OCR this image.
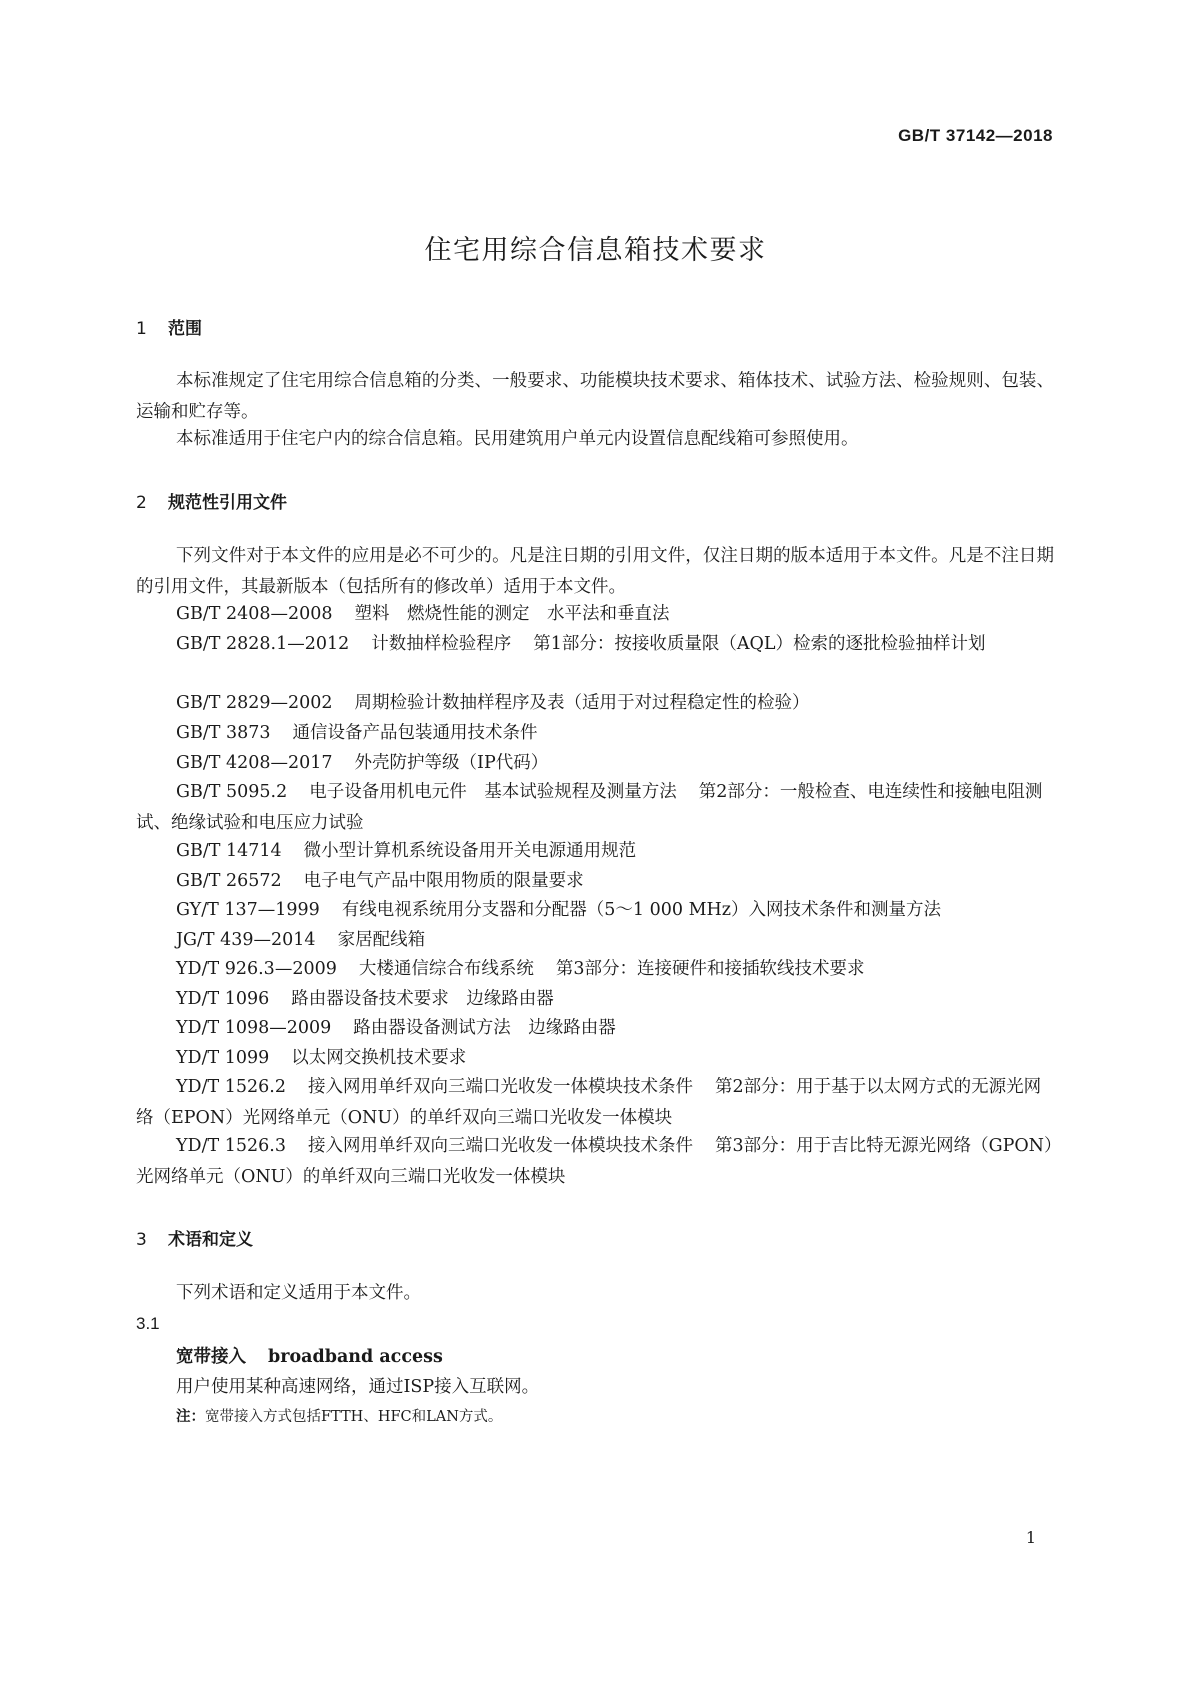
GB/T 37142—2018
住宅用综合信息箱技术要求
1 范围
本标准规定了住宅用综合信息箱的分类、一般要求、功能模块技术要求、箱体技术、试验方法、检验规则、包装、运输和贮存等。
本标准适用于住宅户内的综合信息箱。民用建筑用户单元内设置信息配线箱可参照使用。
2 规范性引用文件
下列文件对于本文件的应用是必不可少的。凡是注日期的引用文件，仅注日期的版本适用于本文件。凡是不注日期的引用文件，其最新版本（包括所有的修改单）适用于本文件。
GB/T 2408—2008 塑料　燃烧性能的测定　水平法和垂直法
GB/T 2828.1—2012 计数抽样检验程序 第1部分：按接收质量限（AQL）检索的逐批检验抽样计划
GB/T 2829—2002 周期检验计数抽样程序及表（适用于对过程稳定性的检验）
GB/T 3873 通信设备产品包装通用技术条件
GB/T 4208—2017 外壳防护等级（IP代码）
GB/T 5095.2 电子设备用机电元件　基本试验规程及测量方法 第2部分：一般检查、电连续性和接触电阻测试、绝缘试验和电压应力试验
GB/T 14714 微小型计算机系统设备用开关电源通用规范
GB/T 26572 电子电气产品中限用物质的限量要求
GY/T 137—1999 有线电视系统用分支器和分配器（5～1 000 MHz）入网技术条件和测量方法
JG/T 439—2014 家居配线箱
YD/T 926.3—2009 大楼通信综合布线系统 第3部分：连接硬件和接插软线技术要求
YD/T 1096 路由器设备技术要求　边缘路由器
YD/T 1098—2009 路由器设备测试方法　边缘路由器
YD/T 1099 以太网交换机技术要求
YD/T 1526.2 接入网用单纤双向三端口光收发一体模块技术条件 第2部分：用于基于以太网方式的无源光网络（EPON）光网络单元（ONU）的单纤双向三端口光收发一体模块
YD/T 1526.3 接入网用单纤双向三端口光收发一体模块技术条件 第3部分：用于吉比特无源光网络（GPON）光网络单元（ONU）的单纤双向三端口光收发一体模块
3 术语和定义
下列术语和定义适用于本文件。
3.1
宽带接入 broadband access
用户使用某种高速网络，通过ISP接入互联网。
注：宽带接入方式包括FTTH、HFC和LAN方式。
1
